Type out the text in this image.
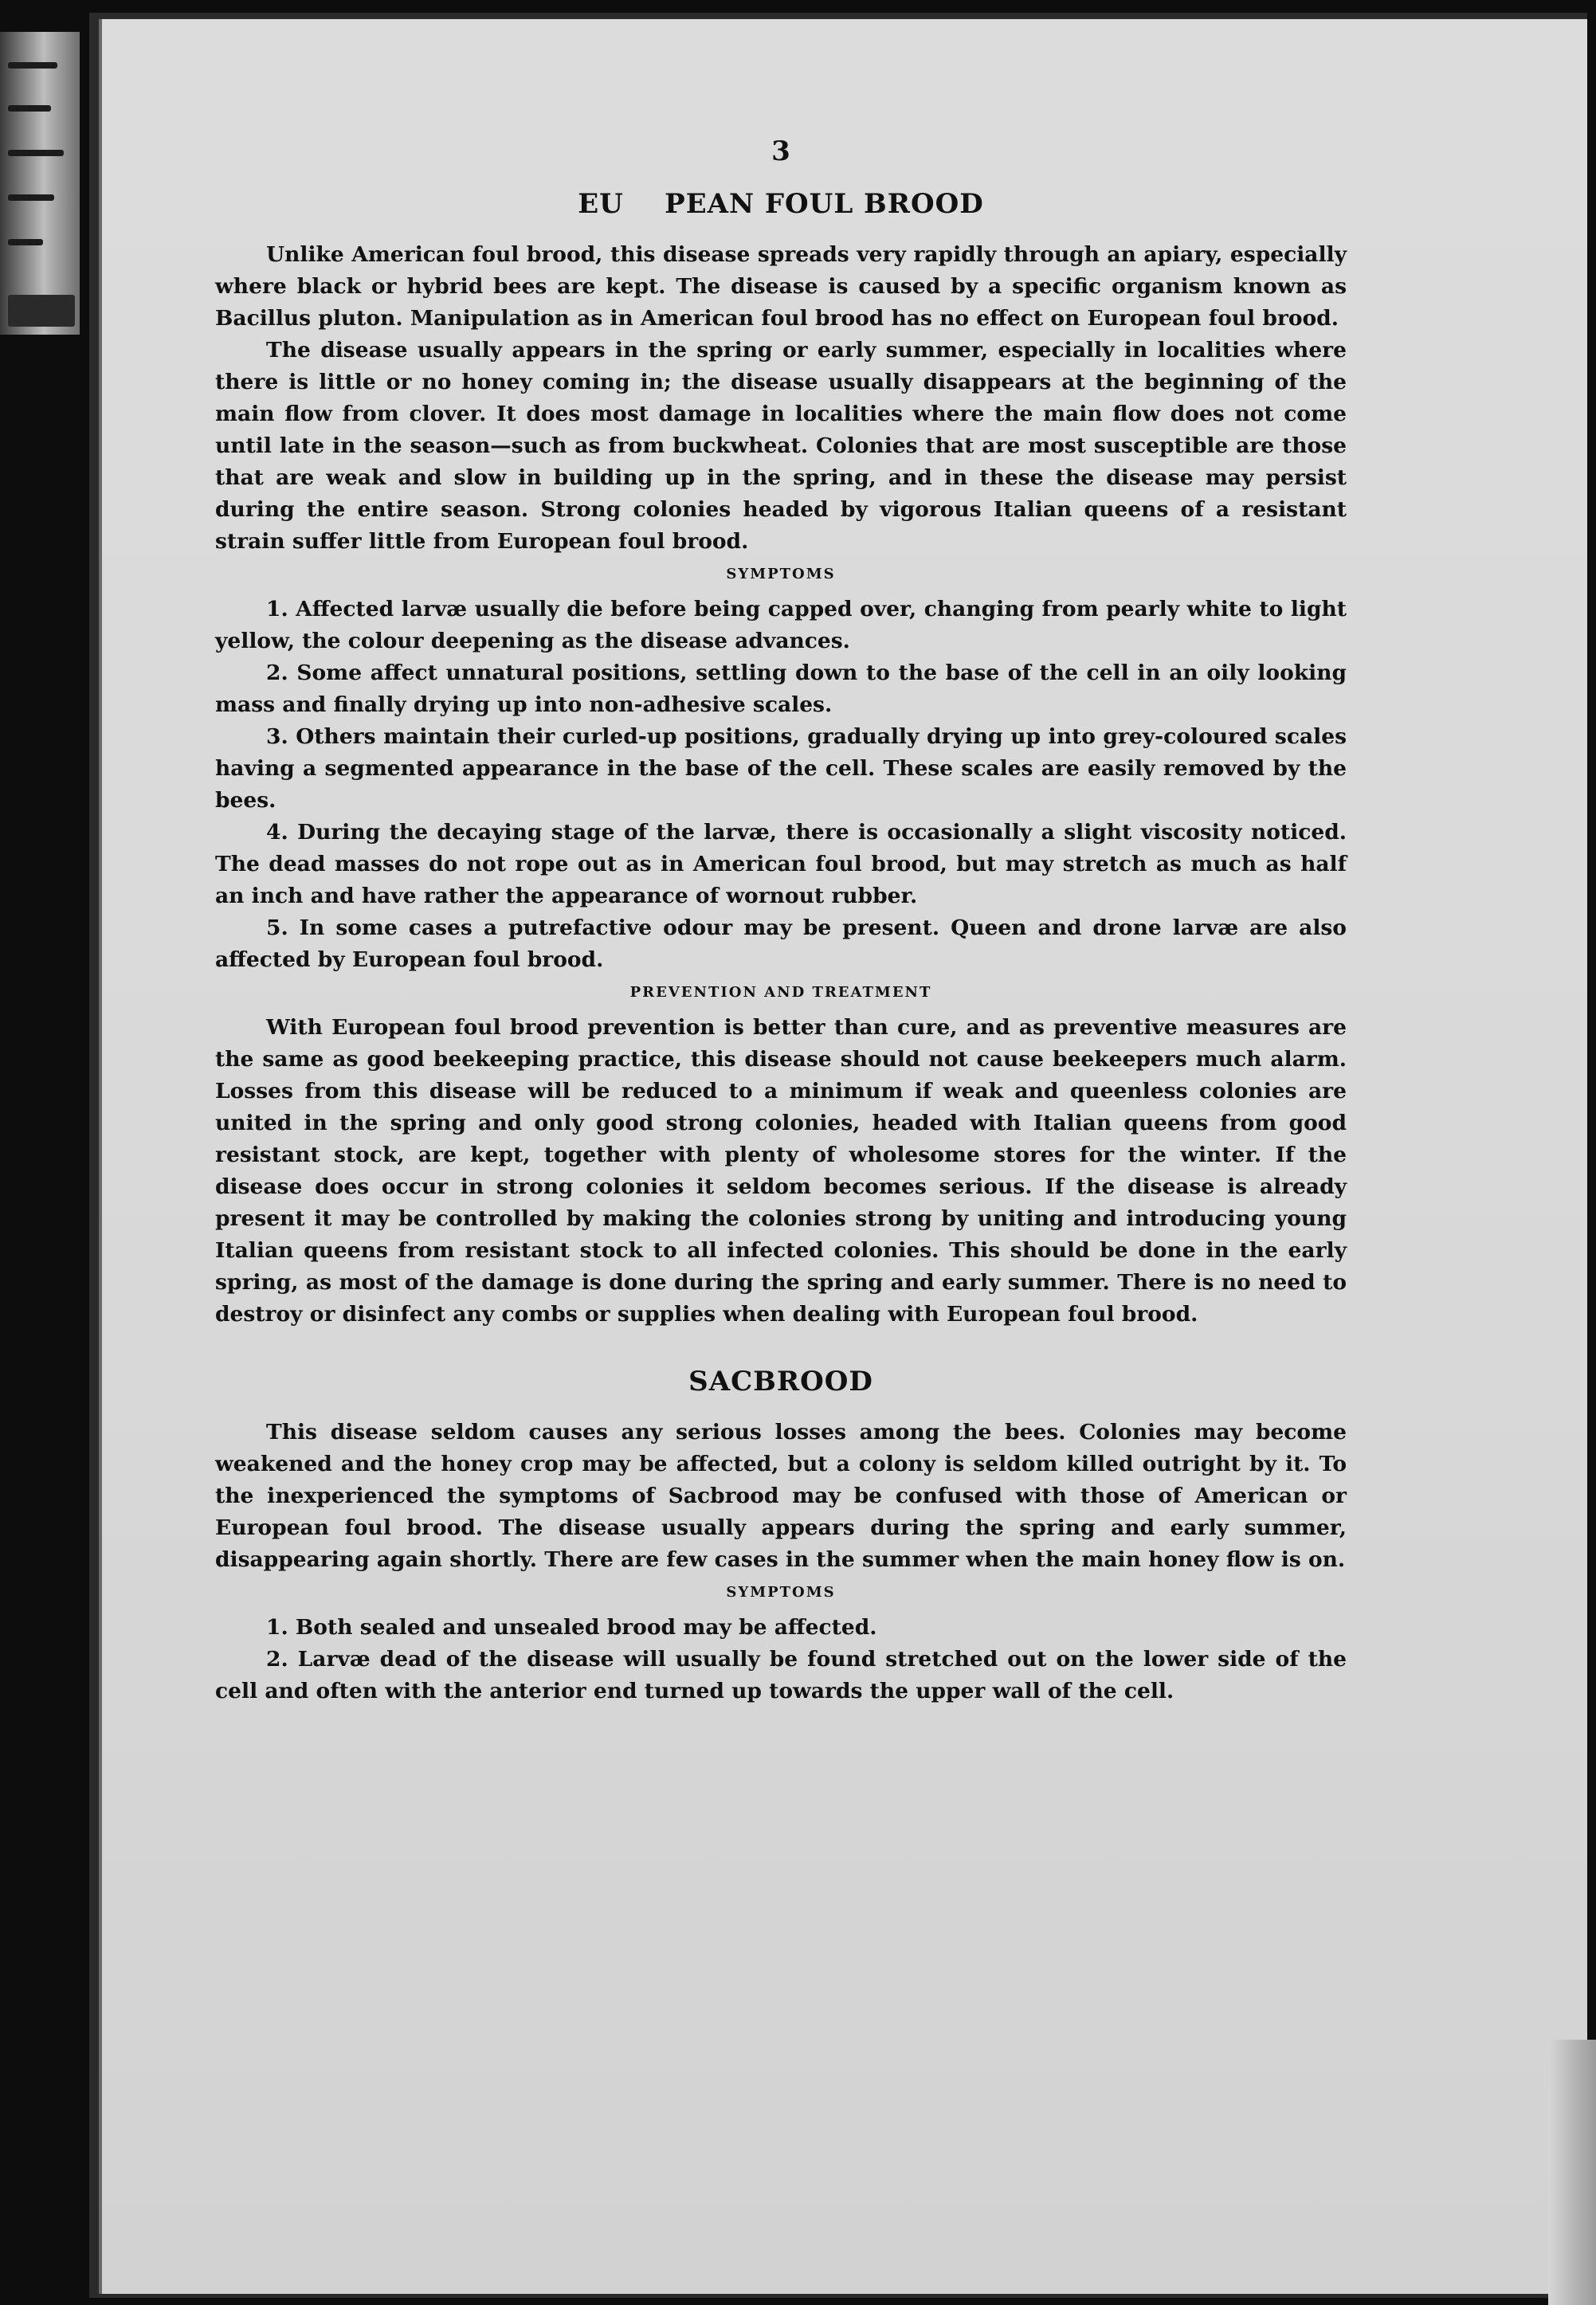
3
EU    PEAN FOUL BROOD

Unlike American foul brood, this disease spreads very rapidly through an apiary, especially where black or hybrid bees are kept. The disease is caused by a specific organism known as Bacillus pluton. Manipulation as in American foul brood has no effect on European foul brood.

The disease usually appears in the spring or early summer, especially in localities where there is little or no honey coming in; the disease usually disappears at the beginning of the main flow from clover. It does most damage in localities where the main flow does not come until late in the season—such as from buckwheat. Colonies that are most susceptible are those that are weak and slow in building up in the spring, and in these the disease may persist during the entire season. Strong colonies headed by vigorous Italian queens of a resistant strain suffer little from European foul brood.

SYMPTOMS

1. Affected larvæ usually die before being capped over, changing from pearly white to light yellow, the colour deepening as the disease advances.

2. Some affect unnatural positions, settling down to the base of the cell in an oily looking mass and finally drying up into non-adhesive scales.

3. Others maintain their curled-up positions, gradually drying up into grey-coloured scales having a segmented appearance in the base of the cell. These scales are easily removed by the bees.

4. During the decaying stage of the larvæ, there is occasionally a slight viscosity noticed. The dead masses do not rope out as in American foul brood, but may stretch as much as half an inch and have rather the appearance of wornout rubber.

5. In some cases a putrefactive odour may be present. Queen and drone larvæ are also affected by European foul brood.

PREVENTION AND TREATMENT

With European foul brood prevention is better than cure, and as preventive measures are the same as good beekeeping practice, this disease should not cause beekeepers much alarm. Losses from this disease will be reduced to a minimum if weak and queenless colonies are united in the spring and only good strong colonies, headed with Italian queens from good resistant stock, are kept, together with plenty of wholesome stores for the winter. If the disease does occur in strong colonies it seldom becomes serious. If the disease is already present it may be controlled by making the colonies strong by uniting and introducing young Italian queens from resistant stock to all infected colonies. This should be done in the early spring, as most of the damage is done during the spring and early summer. There is no need to destroy or disinfect any combs or supplies when dealing with European foul brood.

SACBROOD

This disease seldom causes any serious losses among the bees. Colonies may become weakened and the honey crop may be affected, but a colony is seldom killed outright by it. To the inexperienced the symptoms of Sacbrood may be confused with those of American or European foul brood. The disease usually appears during the spring and early summer, disappearing again shortly. There are few cases in the summer when the main honey flow is on.

SYMPTOMS

1. Both sealed and unsealed brood may be affected.

2. Larvæ dead of the disease will usually be found stretched out on the lower side of the cell and often with the anterior end turned up towards the upper wall of the cell.
